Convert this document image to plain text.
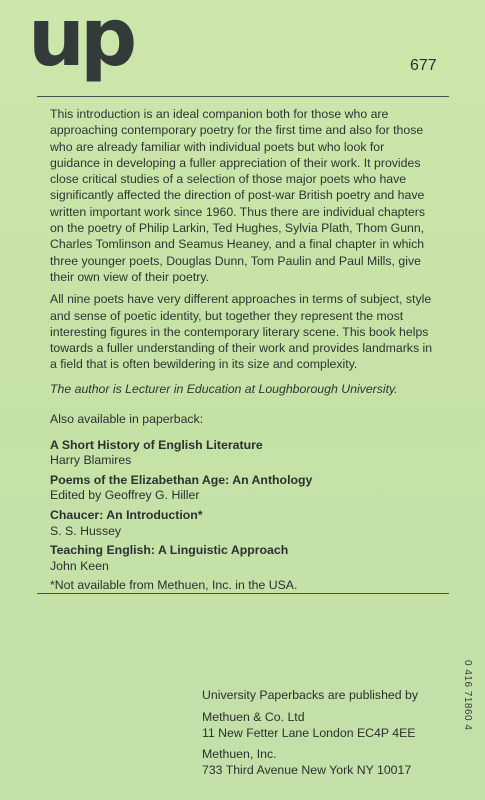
up	677

This introduction is an ideal companion both for those who are approaching contemporary poetry for the first time and also for those who are already familiar with individual poets but who look for guidance in developing a fuller appreciation of their work. It provides close critical studies of a selection of those major poets who have significantly affected the direction of post-war British poetry and have written important work since 1960. Thus there are individual chapters on the poetry of Philip Larkin, Ted Hughes, Sylvia Plath, Thom Gunn, Charles Tomlinson and Seamus Heaney, and a final chapter in which three younger poets, Douglas Dunn, Tom Paulin and Paul Mills, give their own view of their poetry.

All nine poets have very different approaches in terms of subject, style and sense of poetic identity, but together they represent the most interesting figures in the contemporary literary scene. This book helps towards a fuller understanding of their work and provides landmarks in a field that is often bewildering in its size and complexity.

The author is Lecturer in Education at Loughborough University.

Also available in paperback:
A Short History of English Literature
Harry Blamires
Poems of the Elizabethan Age: An Anthology
Edited by Geoffrey G. Hiller
Chaucer: An Introduction*
S. S. Hussey
Teaching English: A Linguistic Approach
John Keen
*Not available from Methuen, Inc. in the USA.
University Paperbacks are published by
Methuen & Co. Ltd
11 New Fetter Lane London EC4P 4EE
Methuen, Inc.
733 Third Avenue New York NY 10017
0 416 71860 4
